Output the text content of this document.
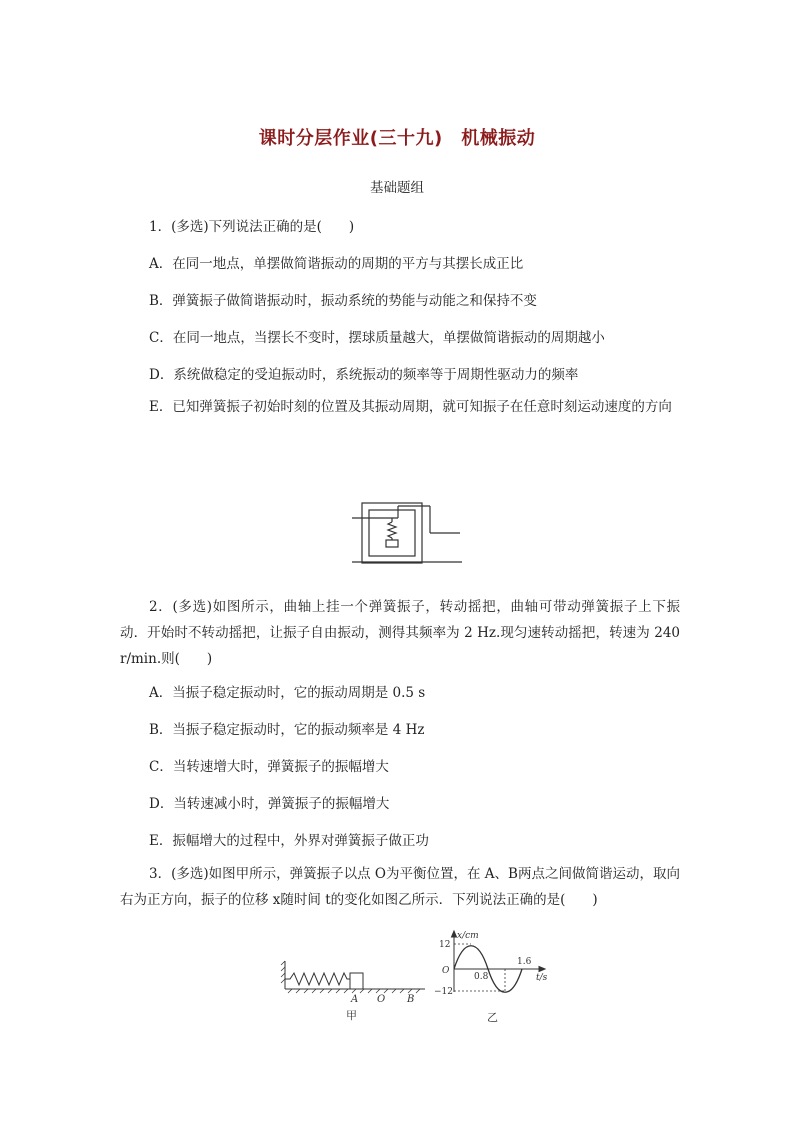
课时分层作业(三十九)　机械振动
基础题组
1．(多选)下列说法正确的是(　　)
A．在同一地点，单摆做简谐振动的周期的平方与其摆长成正比
B．弹簧振子做简谐振动时，振动系统的势能与动能之和保持不变
C．在同一地点，当摆长不变时，摆球质量越大，单摆做简谐振动的周期越小
D．系统做稳定的受迫振动时，系统振动的频率等于周期性驱动力的频率
E．已知弹簧振子初始时刻的位置及其振动周期，就可知振子在任意时刻运动速度的方向
2．(多选)如图所示，曲轴上挂一个弹簧振子，转动摇把，曲轴可带动弹簧振子上下振动．开始时不转动摇把，让振子自由振动，测得其频率为 2 Hz.现匀速转动摇把，转速为 240 r/min.则(　　)
A．当振子稳定振动时，它的振动周期是 0.5 s
B．当振子稳定振动时，它的振动频率是 4 Hz
C．当转速增大时，弹簧振子的振幅增大
D．当转速减小时，弹簧振子的振幅增大
E．振幅增大的过程中，外界对弹簧振子做正功
3．(多选)如图甲所示，弹簧振子以点 O为平衡位置，在 A、B两点之间做简谐运动，取向右为正方向，振子的位移 x随时间 t的变化如图乙所示．下列说法正确的是(　　)
A O B
甲
x/cm
t/s
O
12
−12
0.8
1.6
乙
